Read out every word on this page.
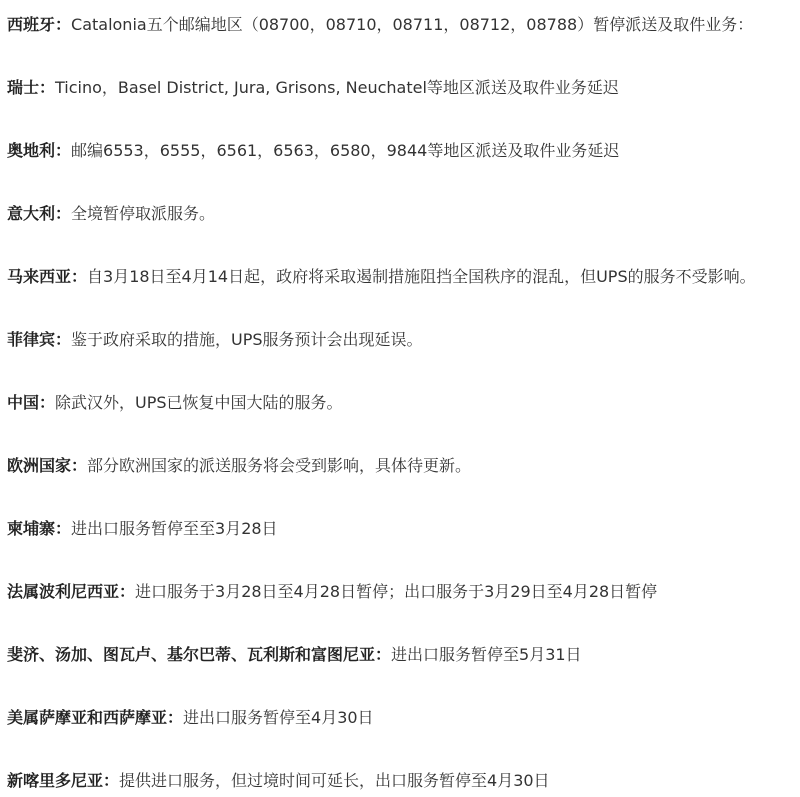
西班牙：Catalonia五个邮编地区（08700，08710，08711，08712，08788）暂停派送及取件业务：

瑞士：Ticino，Basel District, Jura, Grisons, Neuchatel等地区派送及取件业务延迟

奥地利：邮编6553，6555，6561，6563，6580，9844等地区派送及取件业务延迟

意大利：全境暂停取派服务。

马来西亚：自3月18日至4月14日起，政府将采取遏制措施阻挡全国秩序的混乱，但UPS的服务不受影响。

菲律宾：鉴于政府采取的措施，UPS服务预计会出现延误。

中国：除武汉外，UPS已恢复中国大陆的服务。

欧洲国家：部分欧洲国家的派送服务将会受到影响，具体待更新。

柬埔寨：进出口服务暂停至至3月28日

法属波利尼西亚：进口服务于3月28日至4月28日暂停；出口服务于3月29日至4月28日暂停

斐济、汤加、图瓦卢、基尔巴蒂、瓦利斯和富图尼亚：进出口服务暂停至5月31日

美属萨摩亚和西萨摩亚：进出口服务暂停至4月30日

新喀里多尼亚：提供进口服务，但过境时间可延长，出口服务暂停至4月30日
